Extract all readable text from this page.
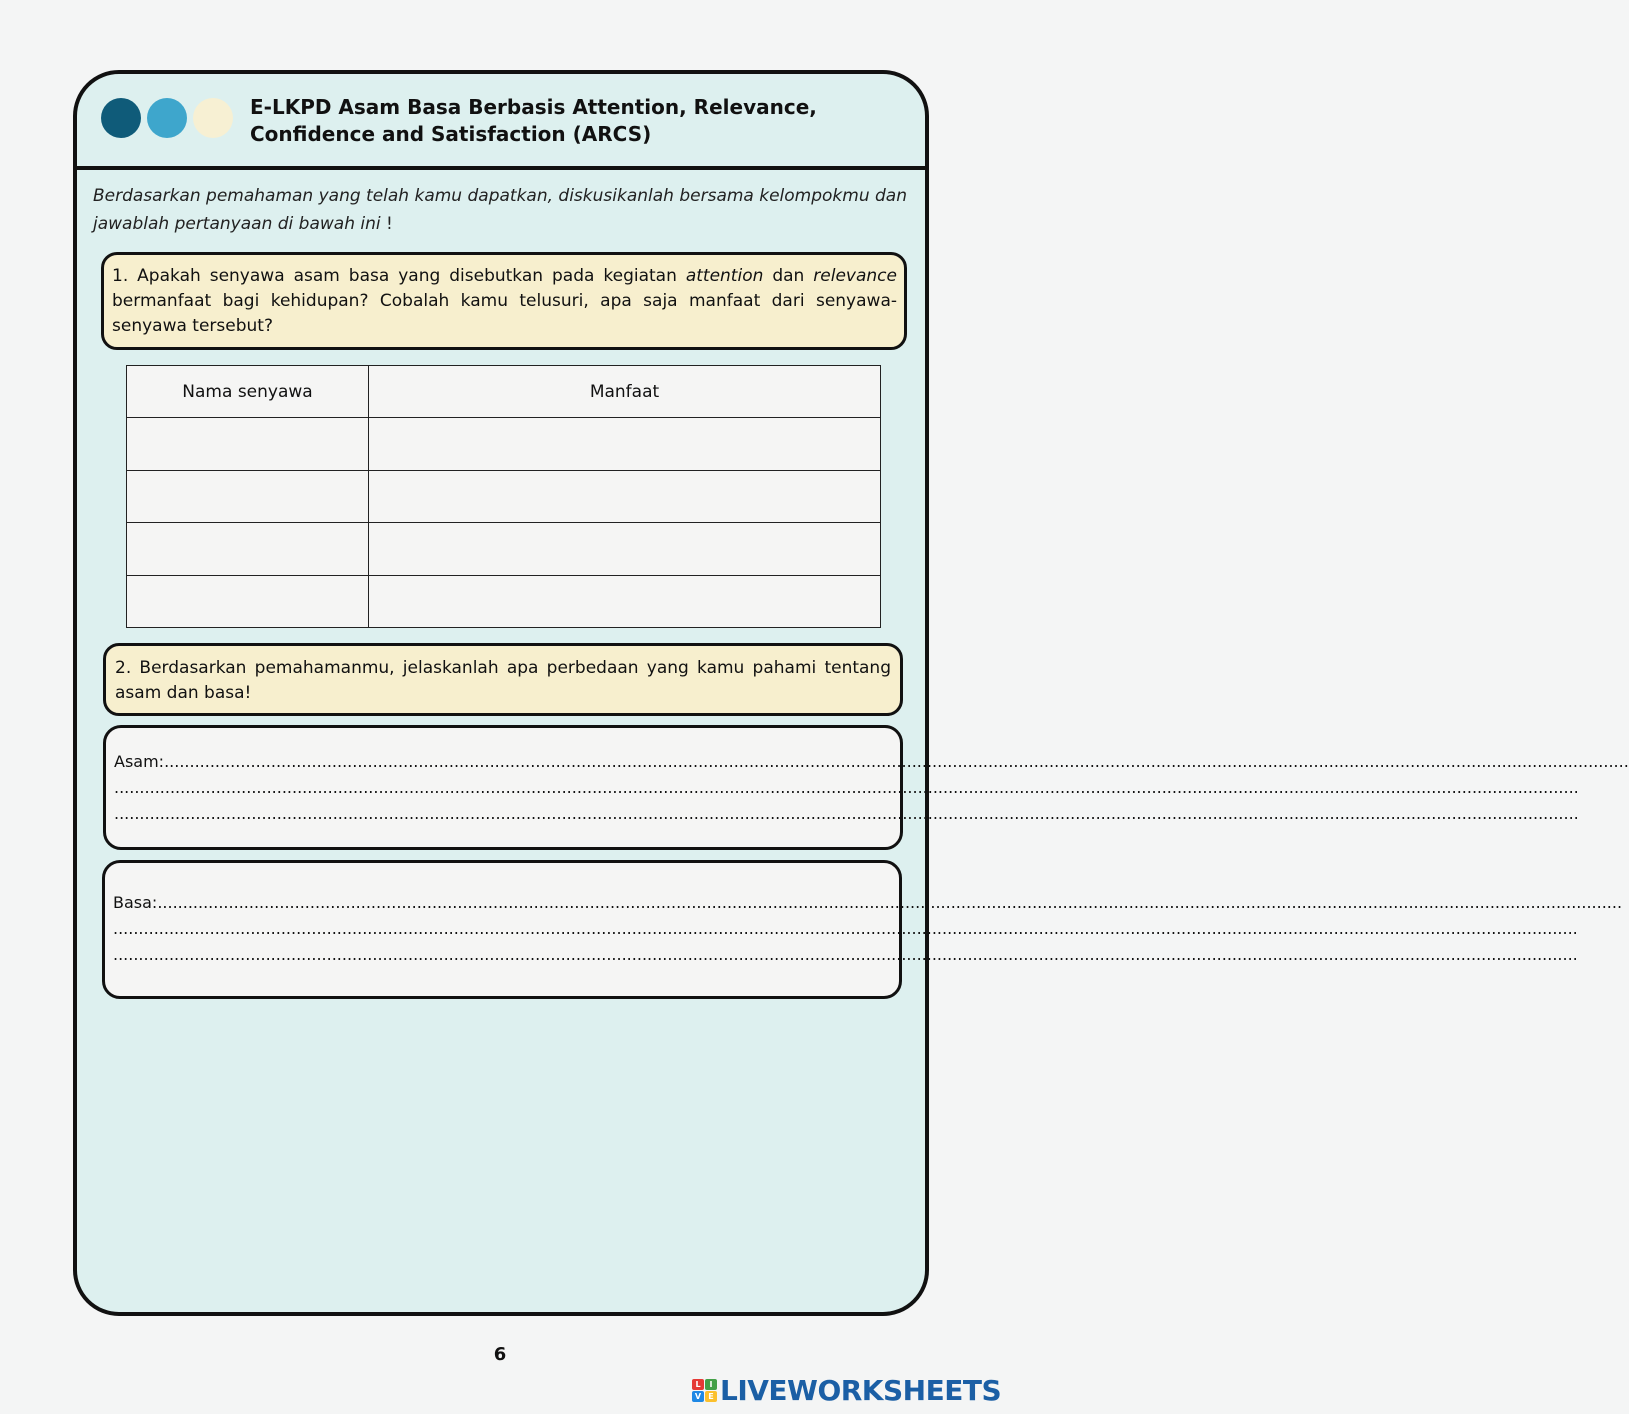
E-LKPD Asam Basa Berbasis Attention, Relevance,
Confidence and Satisfaction (ARCS)
Berdasarkan pemahaman yang telah kamu dapatkan, diskusikanlah bersama kelompokmu dan jawablah pertanyaan di bawah ini !
1. Apakah senyawa asam basa yang disebutkan pada kegiatan attention dan relevance bermanfaat bagi kehidupan? Cobalah kamu telusuri, apa saja manfaat dari senyawa-senyawa tersebut?
Nama senyawa	Manfaat

2. Berdasarkan pemahamanmu, jelaskanlah apa perbedaan yang kamu pahami tentang asam dan basa!
Asam:................................................................................................................................................................................................................................................................................................
................................................................................................................................................................................................................................................................................................
................................................................................................................................................................................................................................................................................................
Basa:................................................................................................................................................................................................................................................................................................
................................................................................................................................................................................................................................................................................................
................................................................................................................................................................................................................................................................................................
6
L	I
V E LIVEWORKSHEETS
